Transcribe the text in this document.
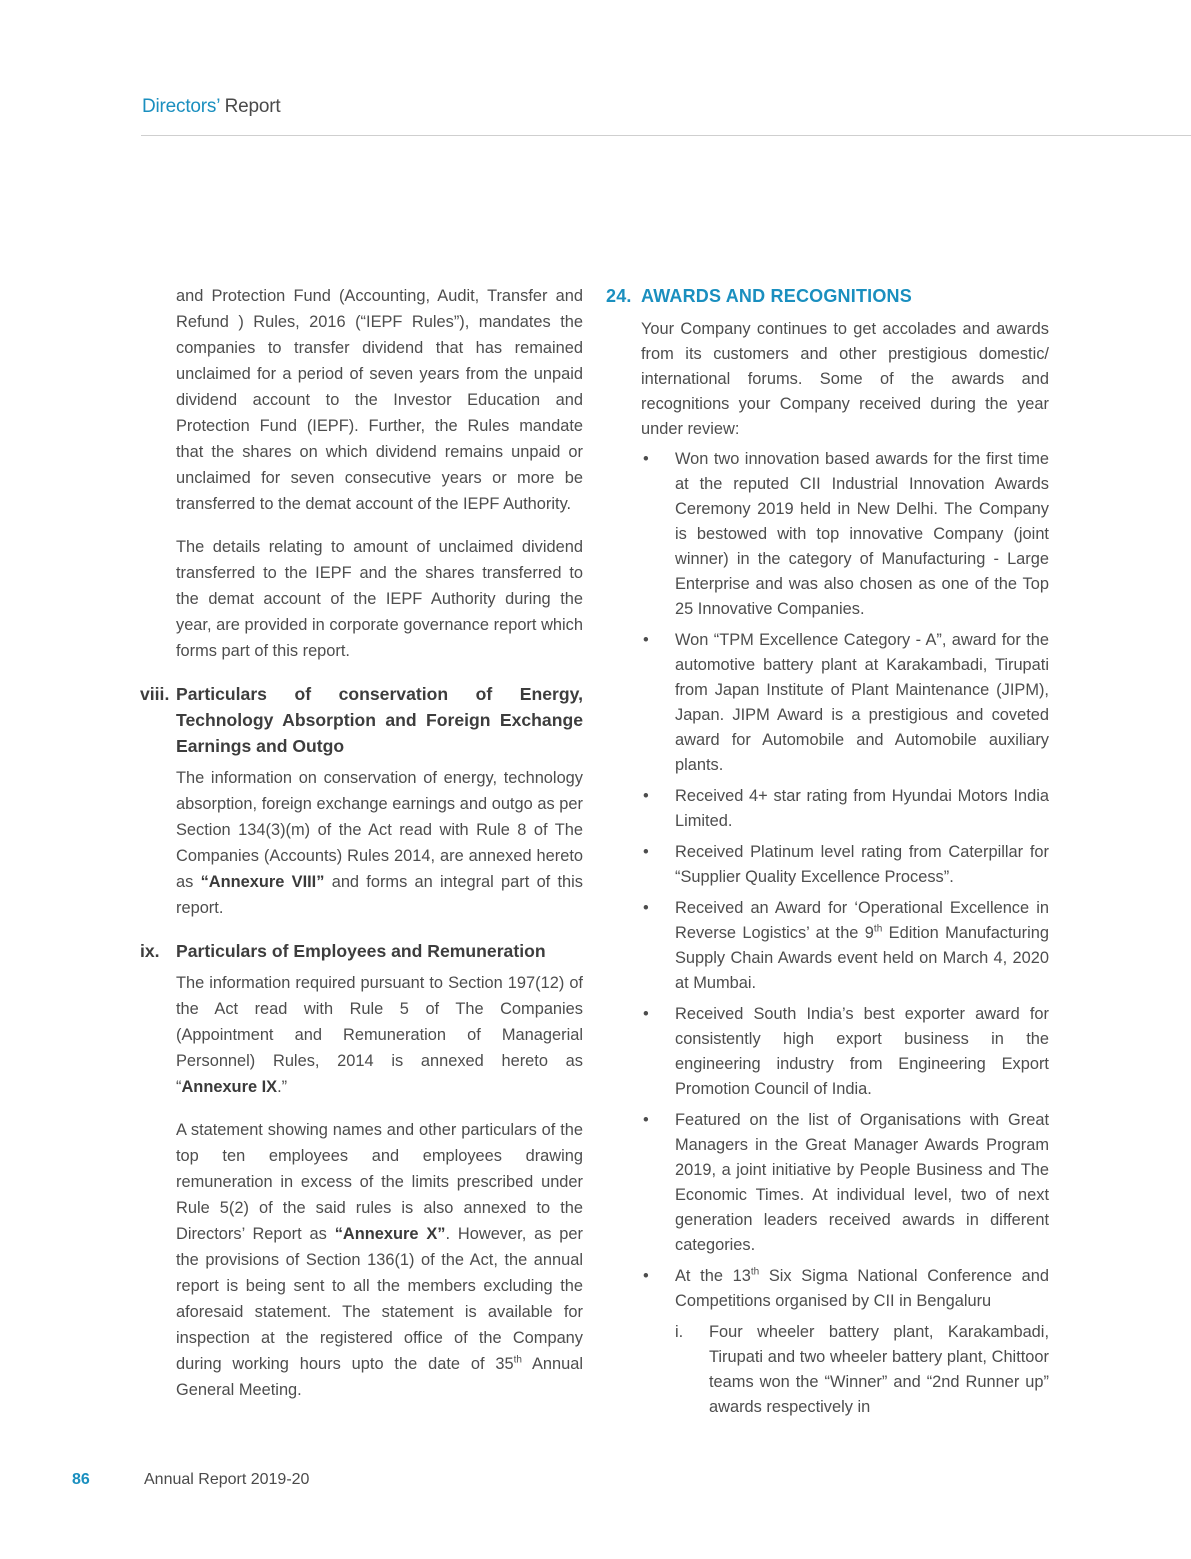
Directors’ Report

and Protection Fund (Accounting, Audit, Transfer and Refund ) Rules, 2016 (“IEPF Rules”), mandates the companies to transfer dividend that has remained unclaimed for a period of seven years from the unpaid dividend account to the Investor Education and Protection Fund (IEPF). Further, the Rules mandate that the shares on which dividend remains unpaid or unclaimed for seven consecutive years or more be transferred to the demat account of the IEPF Authority.

The details relating to amount of unclaimed dividend transferred to the IEPF and the shares transferred to the demat account of the IEPF Authority during the year, are provided in corporate governance report which forms part of this report.

viii. Particulars of conservation of Energy, Technology Absorption and Foreign Exchange Earnings and Outgo

The information on conservation of energy, technology absorption, foreign exchange earnings and outgo as per Section 134(3)(m) of the Act read with Rule 8 of The Companies (Accounts) Rules 2014, are annexed hereto as “Annexure VIII” and forms an integral part of this report.

ix. Particulars of Employees and Remuneration

The information required pursuant to Section 197(12) of the Act read with Rule 5 of The Companies (Appointment and Remuneration of Managerial Personnel) Rules, 2014 is annexed hereto as “Annexure IX.”

A statement showing names and other particulars of the top ten employees and employees drawing remuneration in excess of the limits prescribed under Rule 5(2) of the said rules is also annexed to the Directors’ Report as “Annexure X”. However, as per the provisions of Section 136(1) of the Act, the annual report is being sent to all the members excluding the aforesaid statement. The statement is available for inspection at the registered office of the Company during working hours upto the date of 35th Annual General Meeting.

24. AWARDS AND RECOGNITIONS

Your Company continues to get accolades and awards from its customers and other prestigious domestic/ international forums. Some of the awards and recognitions your Company received during the year under review:

•	Won two innovation based awards for the first time at the reputed CII Industrial Innovation Awards Ceremony 2019 held in New Delhi. The Company is bestowed with top innovative Company (joint winner) in the category of Manufacturing - Large Enterprise and was also chosen as one of the Top 25 Innovative Companies.
•	Won “TPM Excellence Category - A”, award for the automotive battery plant at Karakambadi, Tirupati from Japan Institute of Plant Maintenance (JIPM), Japan. JIPM Award is a prestigious and coveted award for Automobile and Automobile auxiliary plants.
•	Received 4+ star rating from Hyundai Motors India Limited.
•	Received Platinum level rating from Caterpillar for “Supplier Quality Excellence Process”.
•	Received an Award for ‘Operational Excellence in Reverse Logistics’ at the 9th Edition Manufacturing Supply Chain Awards event held on March 4, 2020 at Mumbai.
•	Received South India’s best exporter award for consistently high export business in the engineering industry from Engineering Export Promotion Council of India.
•	Featured on the list of Organisations with Great Managers in the Great Manager Awards Program 2019, a joint initiative by People Business and The Economic Times. At individual level, two of next generation leaders received awards in different categories.
•	At the 13th Six Sigma National Conference and Competitions organised by CII in Bengaluru
i.	Four wheeler battery plant, Karakambadi, Tirupati and two wheeler battery plant, Chittoor teams won the “Winner” and “2nd Runner up” awards respectively in
86	Annual Report 2019-20
